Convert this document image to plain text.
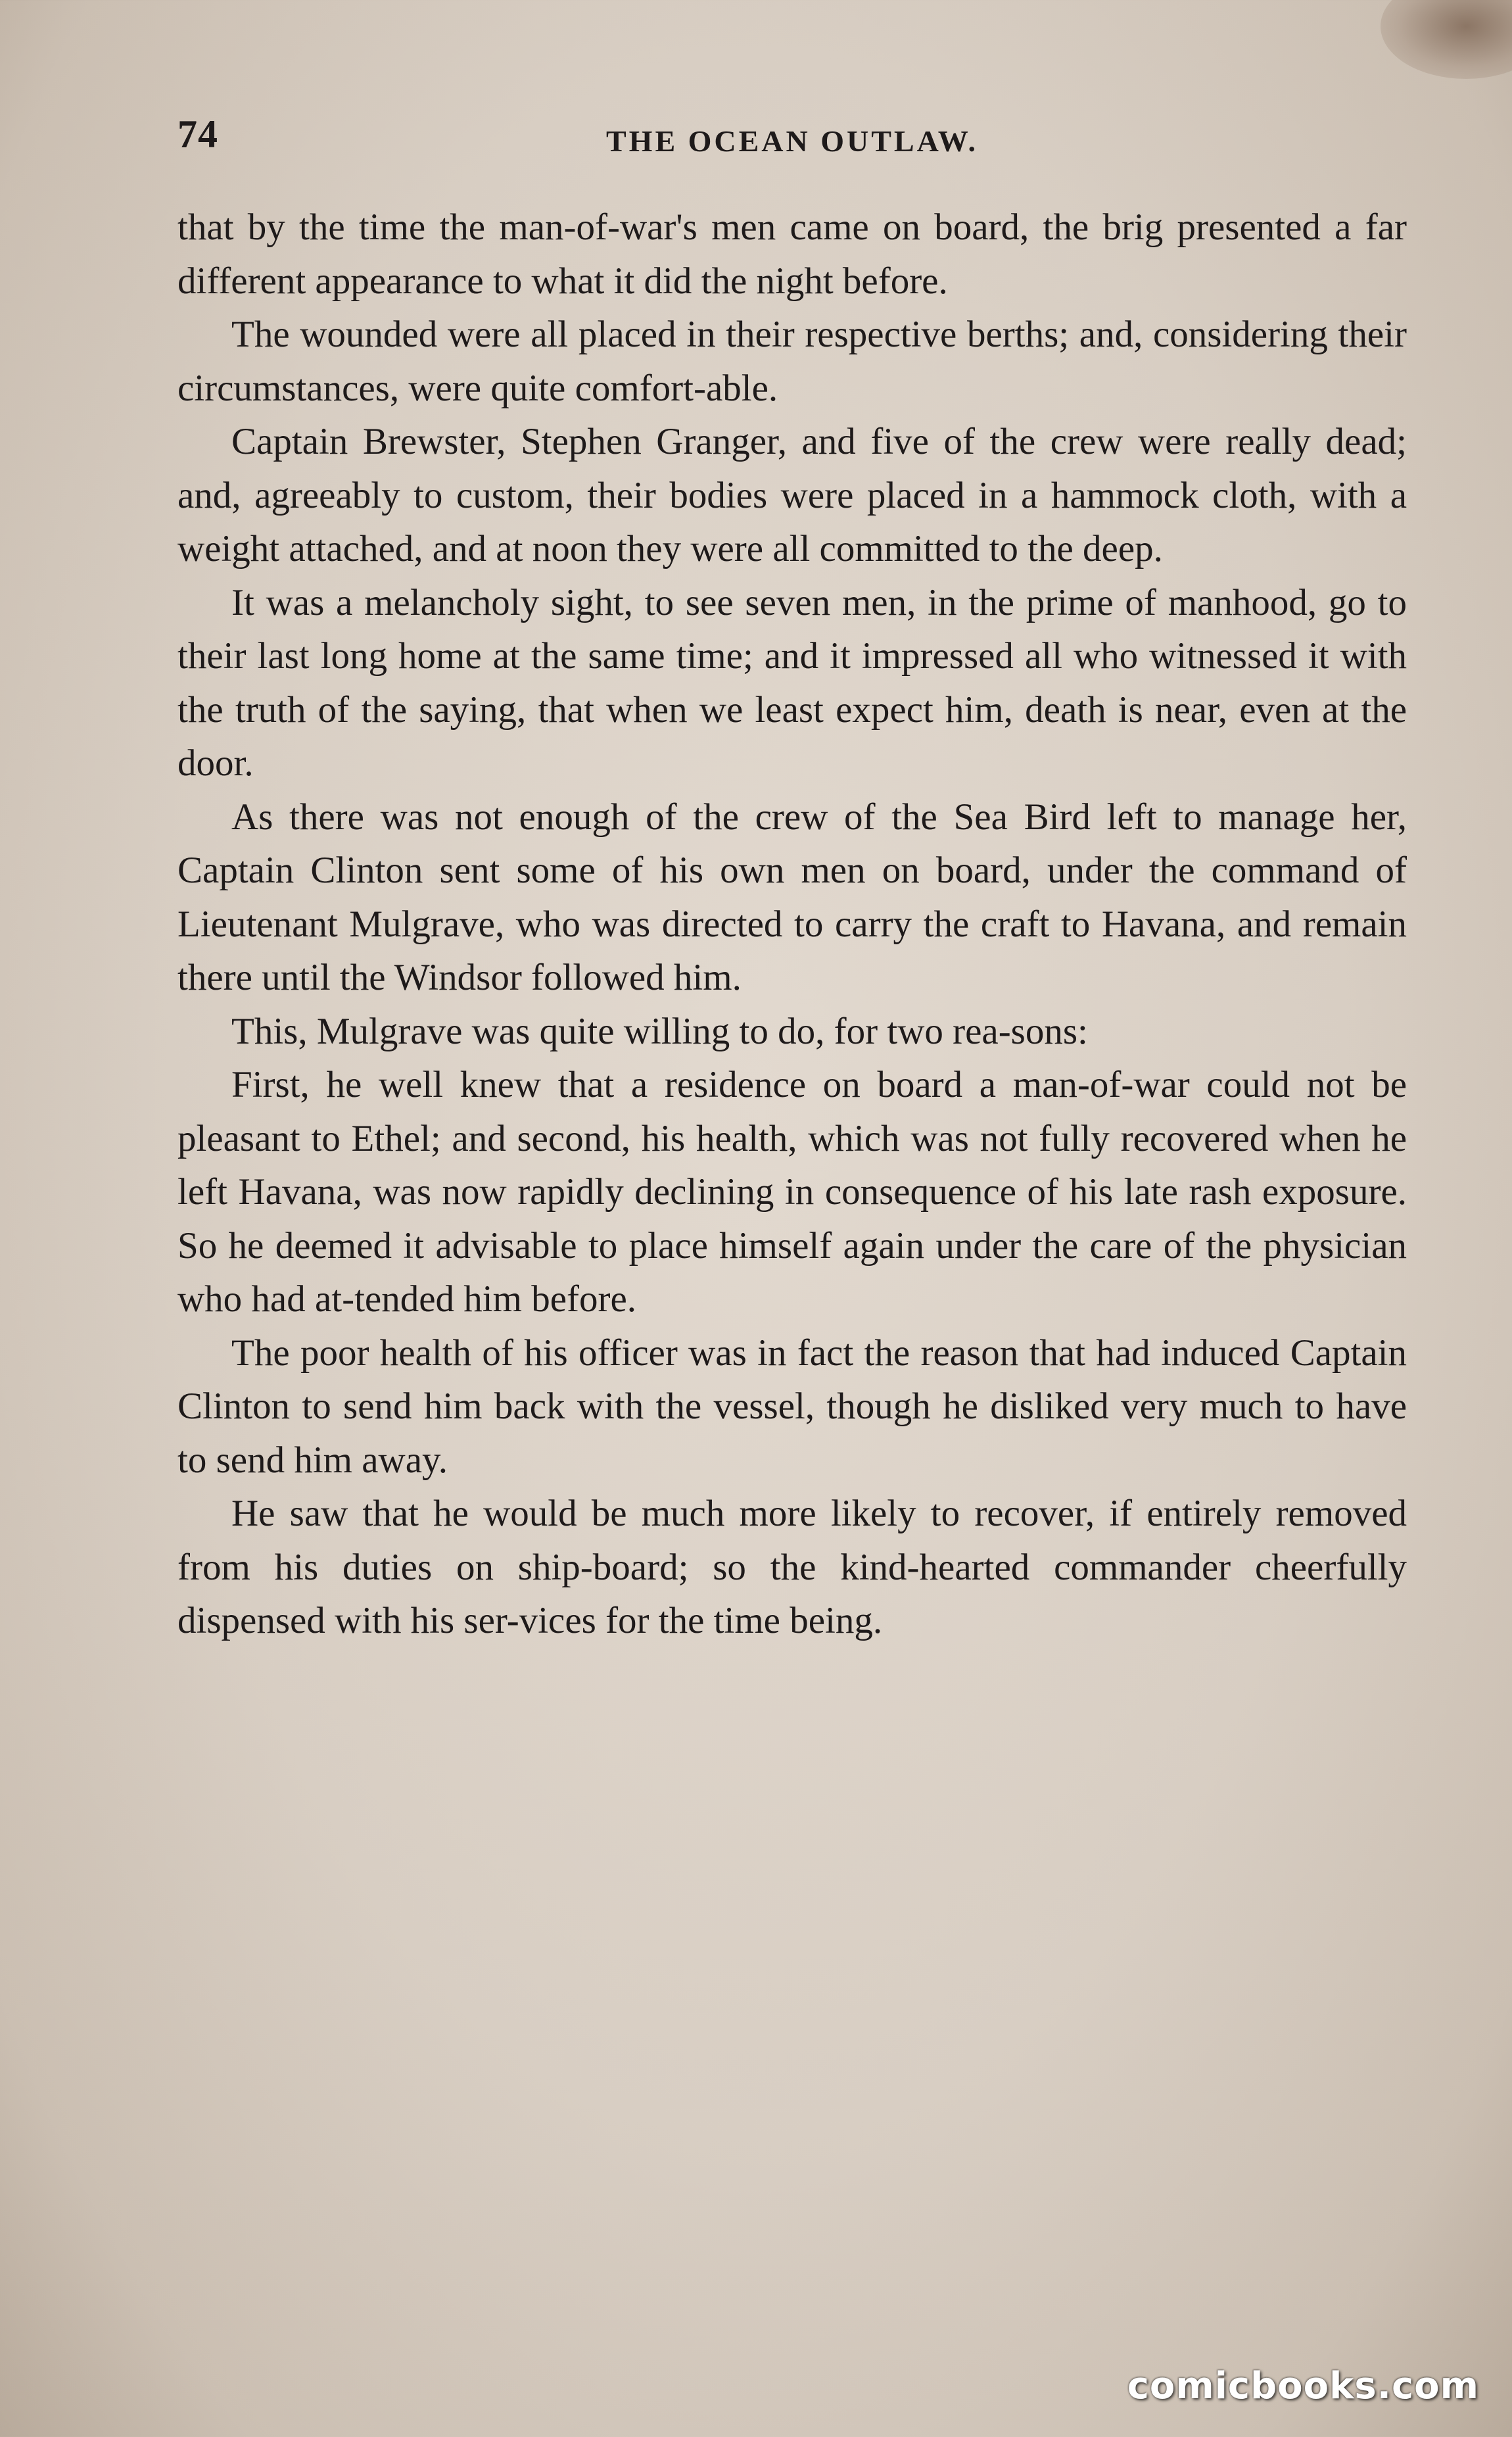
74	THE OCEAN OUTLAW.

that by the time the man-of-war's men came on board, the brig presented a far different appearance to what it did the night before.

The wounded were all placed in their respective berths; and, considering their circumstances, were quite comfort-able.

Captain Brewster, Stephen Granger, and five of the crew were really dead; and, agreeably to custom, their bodies were placed in a hammock cloth, with a weight attached, and at noon they were all committed to the deep.

It was a melancholy sight, to see seven men, in the prime of manhood, go to their last long home at the same time; and it impressed all who witnessed it with the truth of the saying, that when we least expect him, death is near, even at the door.

As there was not enough of the crew of the Sea Bird left to manage her, Captain Clinton sent some of his own men on board, under the command of Lieutenant Mulgrave, who was directed to carry the craft to Havana, and remain there until the Windsor followed him.

This, Mulgrave was quite willing to do, for two rea-sons:

First, he well knew that a residence on board a man-of-war could not be pleasant to Ethel; and second, his health, which was not fully recovered when he left Havana, was now rapidly declining in consequence of his late rash exposure. So he deemed it advisable to place himself again under the care of the physician who had at-tended him before.

The poor health of his officer was in fact the reason that had induced Captain Clinton to send him back with the vessel, though he disliked very much to have to send him away.

He saw that he would be much more likely to recover, if entirely removed from his duties on ship-board; so the kind-hearted commander cheerfully dispensed with his ser-vices for the time being.

comicbooks.com
